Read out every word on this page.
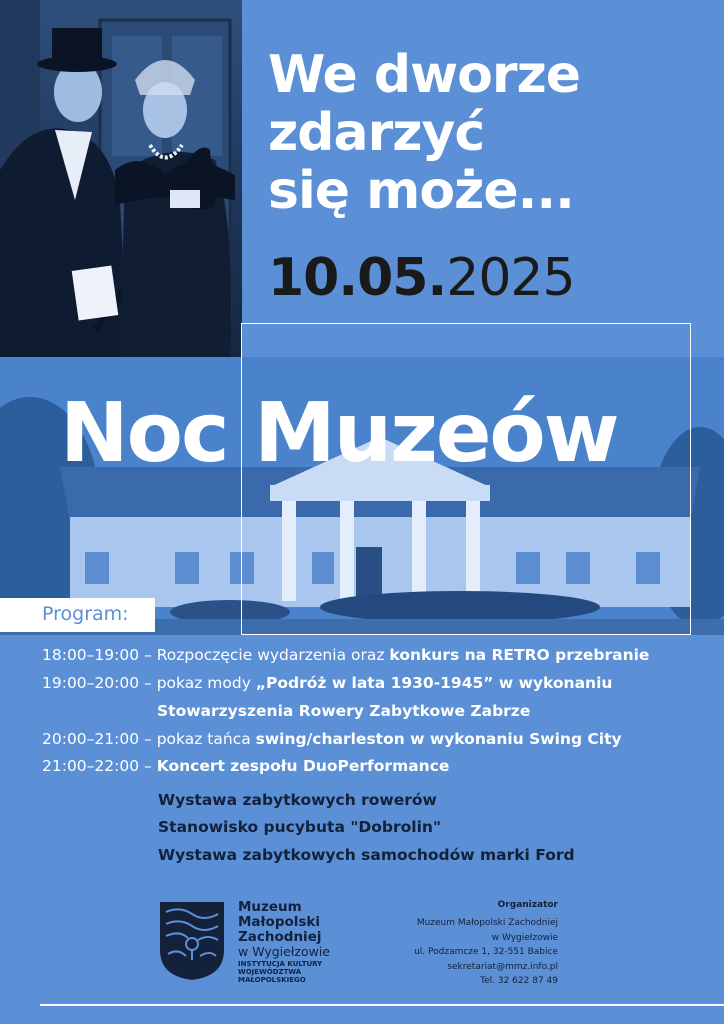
We dworze
zdarzyć
się może...
10.05.2025
Noc Muzeów
Program:
18:00–19:00 – Rozpoczęcie wydarzenia oraz konkurs na RETRO przebranie
19:00–20:00 – pokaz mody „Podróż w lata 1930-1945” w wykonaniu
Stowarzyszenia Rowery Zabytkowe Zabrze
20:00–21:00 – pokaz tańca swing/charleston w wykonaniu Swing City
21:00–22:00 – Koncert zespołu DuoPerformance
Wystawa zabytkowych rowerów
Stanowisko pucybuta "Dobrolin"
Wystawa zabytkowych samochodów marki Ford
Muzeum
Małopolski
Zachodniej
w Wygiełzowie
INSTYTUCJA KULTURY
WOJEWÓDZTWA
MAŁOPOLSKIEGO
Organizator
Muzeum Małopolski Zachodniej
w Wygiełzowie
ul. Podzamcze 1, 32-551 Babice
sekretariat@mmz.info.pl
Tel. 32 622 87 49
